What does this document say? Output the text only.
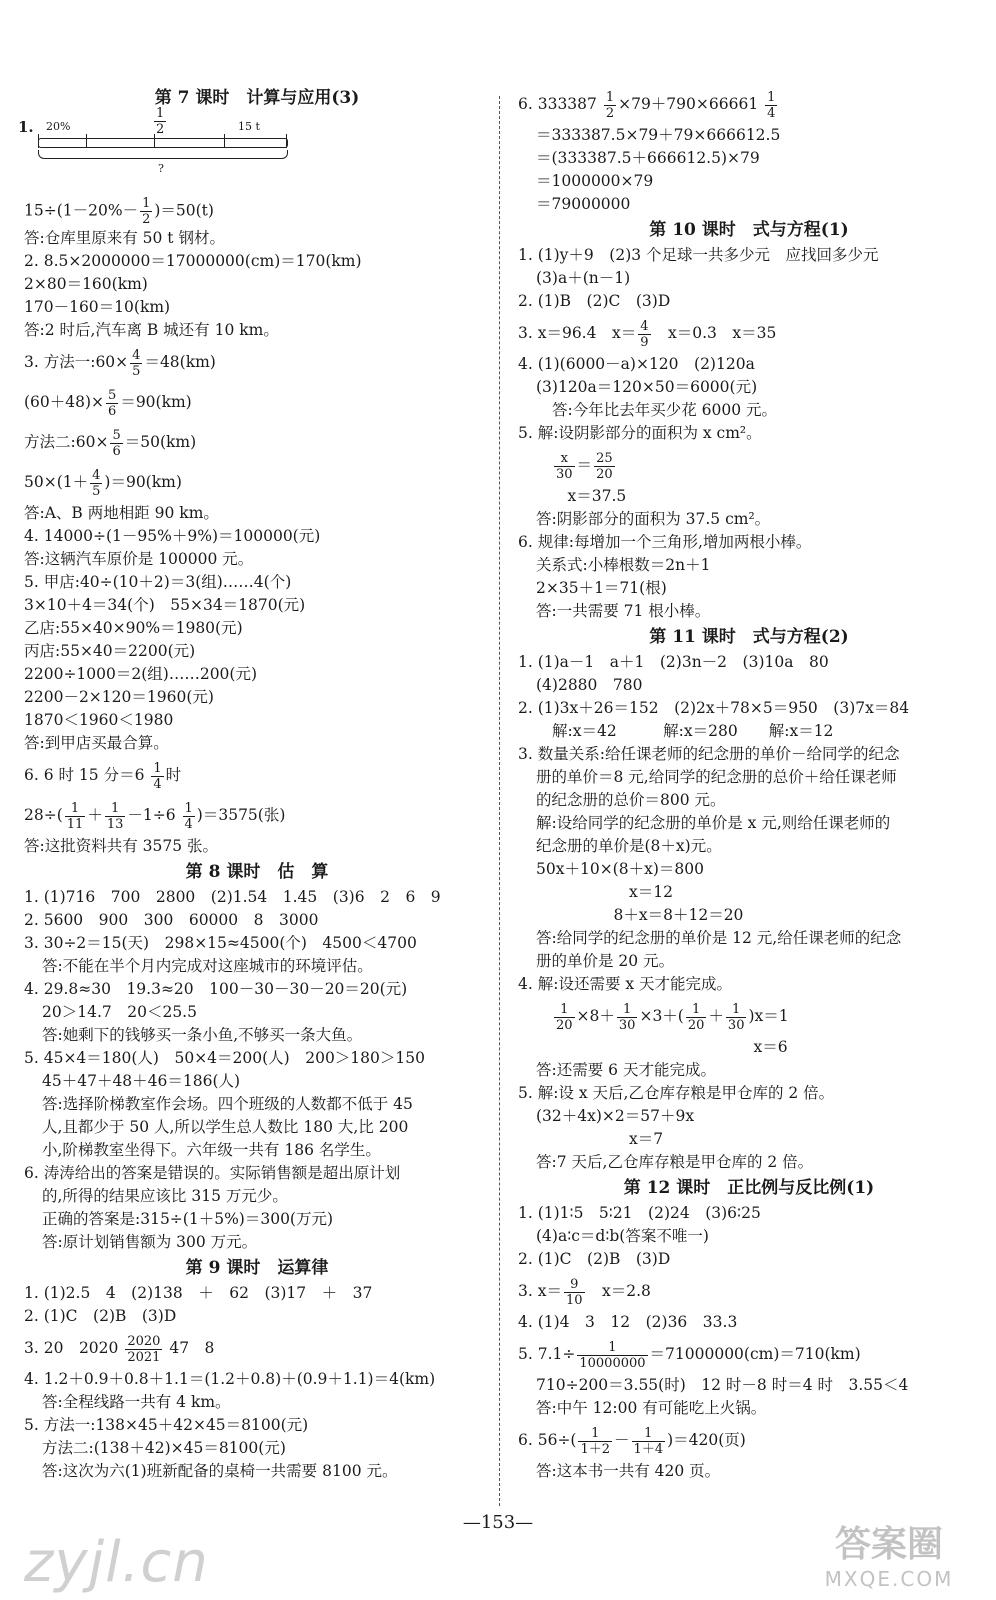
第 7 课时　计算与应用(3)
1. 20%	$\frac{1}{2}$	15 t
?
$15\div(1-20\%- \frac{1}{2} )=50(t)$
答:仓库里原来有 50 t 钢材。
2. 8.5×2000000＝17000000(cm)＝170(km)
2×80＝160(km)
170－160＝10(km)
答:2 时后,汽车离 B 城还有 10 km。
3. 方法一:60× $\frac{4}{5} =48(km)$
$(60+48)\times \frac{5}{6} =90(km)$
方法二:60× $\frac{5}{6} =50(km)$
$50\times(1+ \frac{4}{5} )=90(km)$
答:A、B 两地相距 90 km。
4. 14000÷(1－95%＋9%)＝100000(元)
答:这辆汽车原价是 100000 元。
5. 甲店:40÷(10＋2)＝3(组)……4(个)
3×10＋4＝34(个)　55×34＝1870(元)
乙店:55×40×90%＝1980(元)
丙店:55×40＝2200(元)
2200÷1000＝2(组)……200(元)
2200－2×120＝1960(元)
1870＜1960＜1980
答:到甲店买最合算。
6. 6 时 15 分$=6 \frac{1}{4}$ 时
$28\div( \frac{1}{11} + \frac{1}{13} -1\div 6 \frac{1}{4} )=3575$(张)
答:这批资料共有 3575 张。
第 8 课时　估　算
1. (1)716　700　2800　(2)1.54　1.45　(3)6　2　6　9
2. 5600　900　300　60000　8　3000
3. 30÷2＝15(天)　298×15≈4500(个)　4500＜4700
答:不能在半个月内完成对这座城市的环境评估。
4. 29.8≈30　19.3≈20　100－30－30－20＝20(元)
20＞14.7　20＜25.5
答:她剩下的钱够买一条小鱼,不够买一条大鱼。
5. 45×4＝180(人)　50×4＝200(人)　200＞180＞150
45＋47＋48＋46＝186(人)
答:选择阶梯教室作会场。四个班级的人数都不低于 45
人,且都少于 50 人,所以学生总人数比 180 大,比 200
小,阶梯教室坐得下。六年级一共有 186 名学生。
6. 涛涛给出的答案是错误的。实际销售额是超出原计划
的,所得的结果应该比 315 万元少。
正确的答案是:315÷(1＋5%)＝300(万元)
答:原计划销售额为 300 万元。
第 9 课时　运算律
1. (1)2.5　4　(2)138　＋　62　(3)17　＋　37
2. (1)C　(2)B　(3)D
3. 20　$2020 \frac{2020}{2021} 47$　8
4. 1.2＋0.9＋0.8＋1.1＝(1.2＋0.8)＋(0.9＋1.1)＝4(km)
答:全程线路一共有 4 km。
5. 方法一:138×45＋42×45＝8100(元)
方法二:(138＋42)×45＝8100(元)
答:这次为六(1)班新配备的桌椅一共需要 8100 元。
6. $333387 \frac{1}{2} \times 79+790\times 66661 \frac{1}{4}$
＝333387.5×79＋79×666612.5
＝(333387.5＋666612.5)×79
＝1000000×79
＝79000000
第 10 课时　式与方程(1)
1. (1)y＋9　(2)3 个足球一共多少元　应找回多少元
(3)a＋(n－1)
2. (1)B　(2)C　(3)D
3. x＝96.4　$x= \frac{4}{9}$ 　x＝0.3　x＝35
4. (1)(6000－a)×120　(2)120a
(3)120a＝120×50＝6000(元)
答:今年比去年买少花 6000 元。
5. 解:设阴影部分的面积为 x cm²。
$\frac{x}{30} = \frac{25}{20}$
　x＝37.5
答:阴影部分的面积为 37.5 cm²。
6. 规律:每增加一个三角形,增加两根小棒。
关系式:小棒根数＝2n＋1
2×35＋1＝71(根)
答:一共需要 71 根小棒。
第 11 课时　式与方程(2)
1. (1)a－1　a＋1　(2)3n－2　(3)10a　80
(4)2880　780
2. (1)3x＋26＝152　(2)2x＋78×5＝950　(3)7x＝84
解:x＝42　　　解:x＝280　　解:x＝12
3. 数量关系:给任课老师的纪念册的单价－给同学的纪念
册的单价＝8 元,给同学的纪念册的总价＋给任课老师
的纪念册的总价＝800 元。
解:设给同学的纪念册的单价是 x 元,则给任课老师的
纪念册的单价是(8＋x)元。
50x＋10×(8＋x)＝800
　　　　　　x＝12
　　　　　8＋x＝8＋12＝20
答:给同学的纪念册的单价是 12 元,给任课老师的纪念
册的单价是 20 元。
4. 解:设还需要 x 天才能完成。
$\frac{1}{20} \times 8+ \frac{1}{30} \times 3+( \frac{1}{20} + \frac{1}{30} )x=1$
　　　　　　　　　　　　　x＝6
答:还需要 6 天才能完成。
5. 解:设 x 天后,乙仓库存粮是甲仓库的 2 倍。
(32＋4x)×2＝57＋9x
　　　　　　x＝7
答:7 天后,乙仓库存粮是甲仓库的 2 倍。
第 12 课时　正比例与反比例(1)
1. (1)1∶5　5∶21　(2)24　(3)6∶25
(4)a∶c＝d∶b(答案不唯一)
2. (1)C　(2)B　(3)D
3. $x= \frac{9}{10}$ 　x＝2.8
4. (1)4　3　12　(2)36　33.3
5. $7.1\div \frac{1}{10000000} =71000000(cm)=710(km)$
710÷200＝3.55(时)　12 时－8 时＝4 时　3.55＜4
答:中午 12:00 有可能吃上火锅。
6. $56\div( \frac{1}{1+2} - \frac{1}{1+4} )=420$(页)
答:这本书一共有 420 页。
—153—
zyjl.cn	答案圈
MXQE.COM
